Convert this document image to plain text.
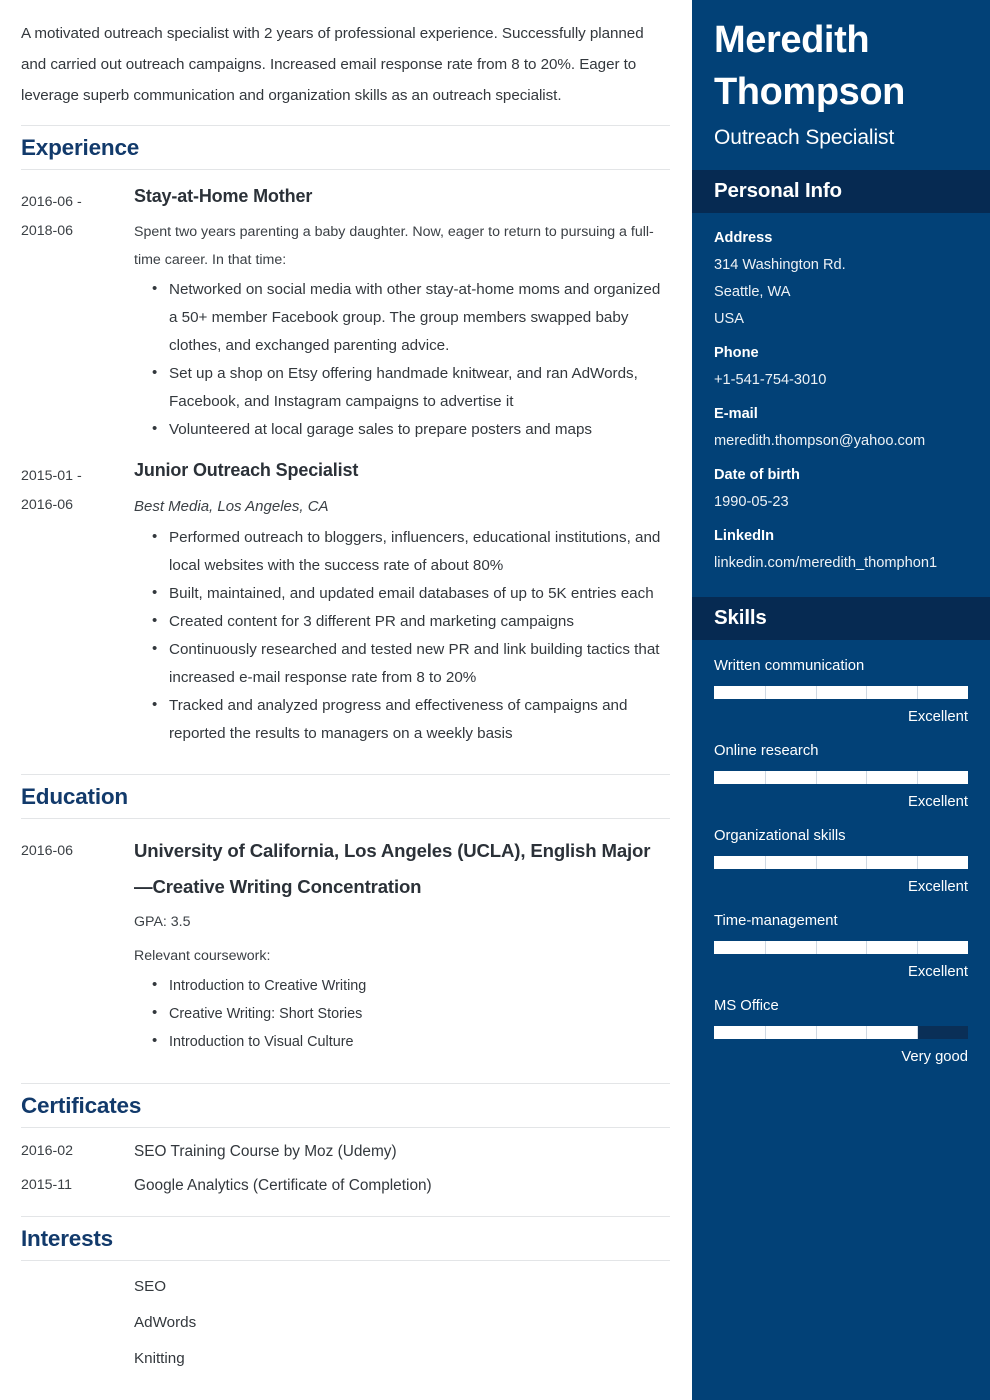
A motivated outreach specialist with 2 years of professional experience. Successfully planned and carried out outreach campaigns. Increased email response rate from 8 to 20%. Eager to leverage superb communication and organization skills as an outreach specialist.

Experience
2016-06 -
2018-06
Stay-at-Home Mother

Spent two years parenting a baby daughter. Now, eager to return to pursuing a full-time career. In that time:

• Networked on social media with other stay-at-home moms and organized a 50+ member Facebook group. The group members swapped baby clothes, and exchanged parenting advice.
• Set up a shop on Etsy offering handmade knitwear, and ran AdWords, Facebook, and Instagram campaigns to advertise it
• Volunteered at local garage sales to prepare posters and maps
2015-01 -
2016-06
Junior Outreach Specialist

Best Media, Los Angeles, CA

• Performed outreach to bloggers, influencers, educational institutions, and local websites with the success rate of about 80%
• Built, maintained, and updated email databases of up to 5K entries each
• Created content for 3 different PR and marketing campaigns
• Continuously researched and tested new PR and link building tactics that increased e-mail response rate from 8 to 20%
• Tracked and analyzed progress and effectiveness of campaigns and reported the results to managers on a weekly basis
Education
2016-06	University of California, Los Angeles (UCLA), English Major—Creative Writing Concentration

GPA: 3.5

Relevant coursework:

• Introduction to Creative Writing
• Creative Writing: Short Stories
• Introduction to Visual Culture
Certificates
2016-02	SEO Training Course by Moz (Udemy)
2015-11	Google Analytics (Certificate of Completion)
Interests
SEO
AdWords
Knitting
Meredith
Thompson
Outreach Specialist
Personal Info
Address
314 Washington Rd.
Seattle, WA
USA
Phone
+1-541-754-3010
E-mail
meredith.thompson@yahoo.com
Date of birth
1990-05-23
LinkedIn
linkedin.com/meredith_thomphon1
Skills
Written communication
Excellent
Online research
Excellent
Organizational skills
Excellent
Time-management
Excellent
MS Office
Very good
